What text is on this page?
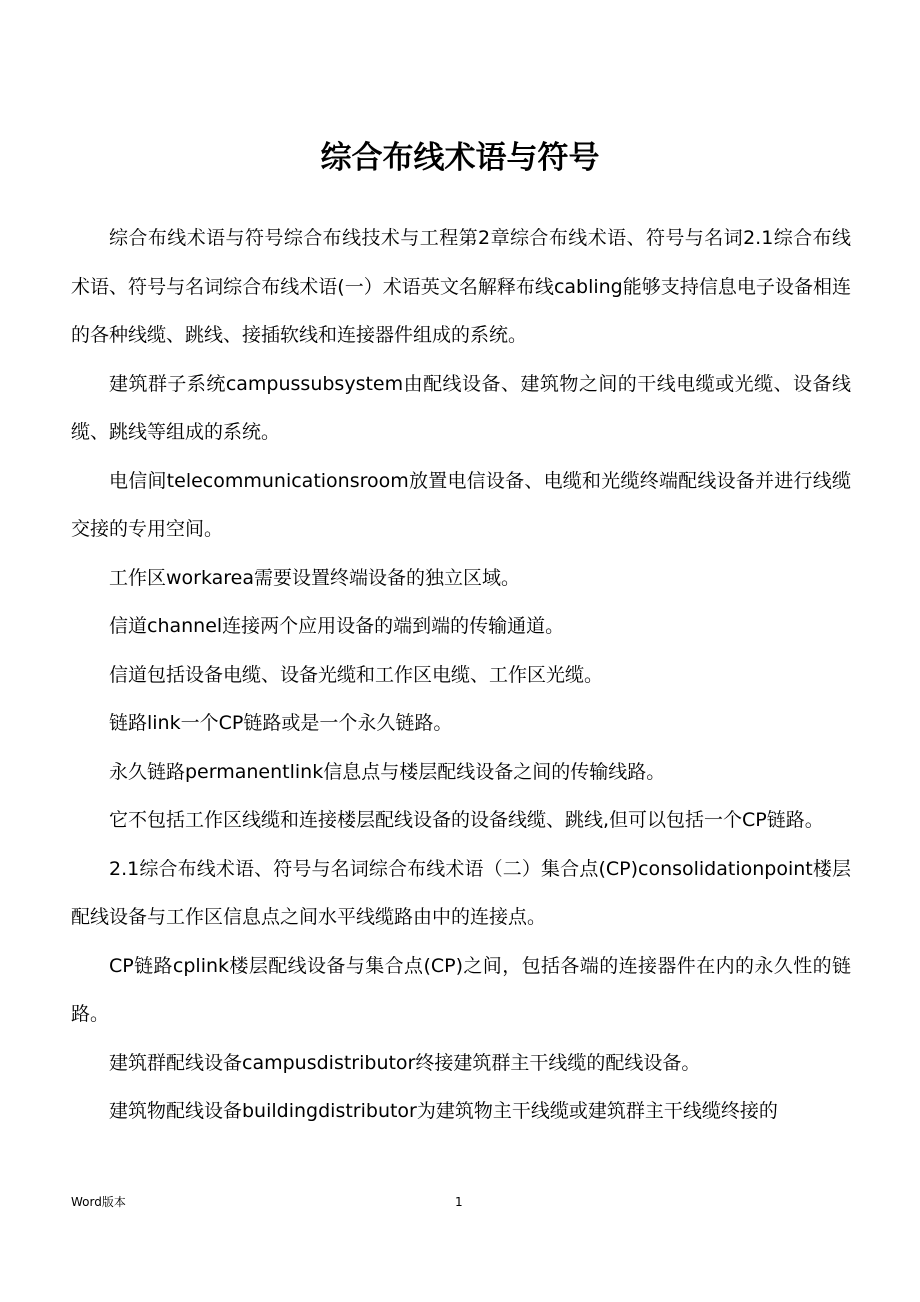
综合布线术语与符号

综合布线术语与符号综合布线技术与工程第2章综合布线术语、符号与名词2.1综合布线术语、符号与名词综合布线术语(一）术语英文名解释布线cabling能够支持信息电子设备相连的各种线缆、跳线、接插软线和连接器件组成的系统。

建筑群子系统campussubsystem由配线设备、建筑物之间的干线电缆或光缆、设备线缆、跳线等组成的系统。

电信间telecommunicationsroom放置电信设备、电缆和光缆终端配线设备并进行线缆交接的专用空间。

工作区workarea需要设置终端设备的独立区域。

信道channel连接两个应用设备的端到端的传输通道。

信道包括设备电缆、设备光缆和工作区电缆、工作区光缆。

链路link一个CP链路或是一个永久链路。

永久链路permanentlink信息点与楼层配线设备之间的传输线路。

它不包括工作区线缆和连接楼层配线设备的设备线缆、跳线,但可以包括一个CP链路。

2.1综合布线术语、符号与名词综合布线术语（二）集合点(CP)consolidationpoint楼层配线设备与工作区信息点之间水平线缆路由中的连接点。

CP链路cplink楼层配线设备与集合点(CP)之间，包括各端的连接器件在内的永久性的链路。

建筑群配线设备campusdistributor终接建筑群主干线缆的配线设备。

建筑物配线设备buildingdistributor为建筑物主干线缆或建筑群主干线缆终接的

Word版本	1
